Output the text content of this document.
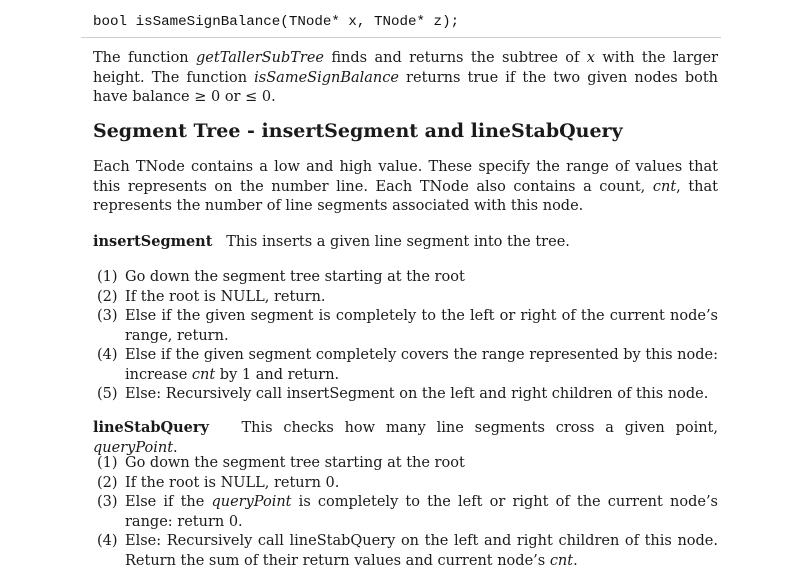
bool isSameSignBalance(TNode* x, TNode* z);

The function getTallerSubTree finds and returns the subtree of x with the larger height. The function isSameSignBalance returns true if the two given nodes both have balance ≥ 0 or ≤ 0.

Segment Tree - insertSegment and lineStabQuery

Each TNode contains a low and high value. These specify the range of values that this represents on the number line. Each TNode also contains a count, cnt, that represents the number of line segments associated with this node.

insertSegment This inserts a given line segment into the tree.

(1) Go down the segment tree starting at the root
(2) If the root is NULL, return.
(3) Else if the given segment is completely to the left or right of the current node’s range, return.
(4) Else if the given segment completely covers the range represented by this node: increase cnt by 1 and return.
(5) Else: Recursively call insertSegment on the left and right children of this node.

lineStabQuery This checks how many line segments cross a given point, queryPoint.

(1) Go down the segment tree starting at the root
(2) If the root is NULL, return 0.
(3) Else if the queryPoint is completely to the left or right of the current node’s range: return 0.
(4) Else: Recursively call lineStabQuery on the left and right children of this node. Return the sum of their return values and current node’s cnt.
